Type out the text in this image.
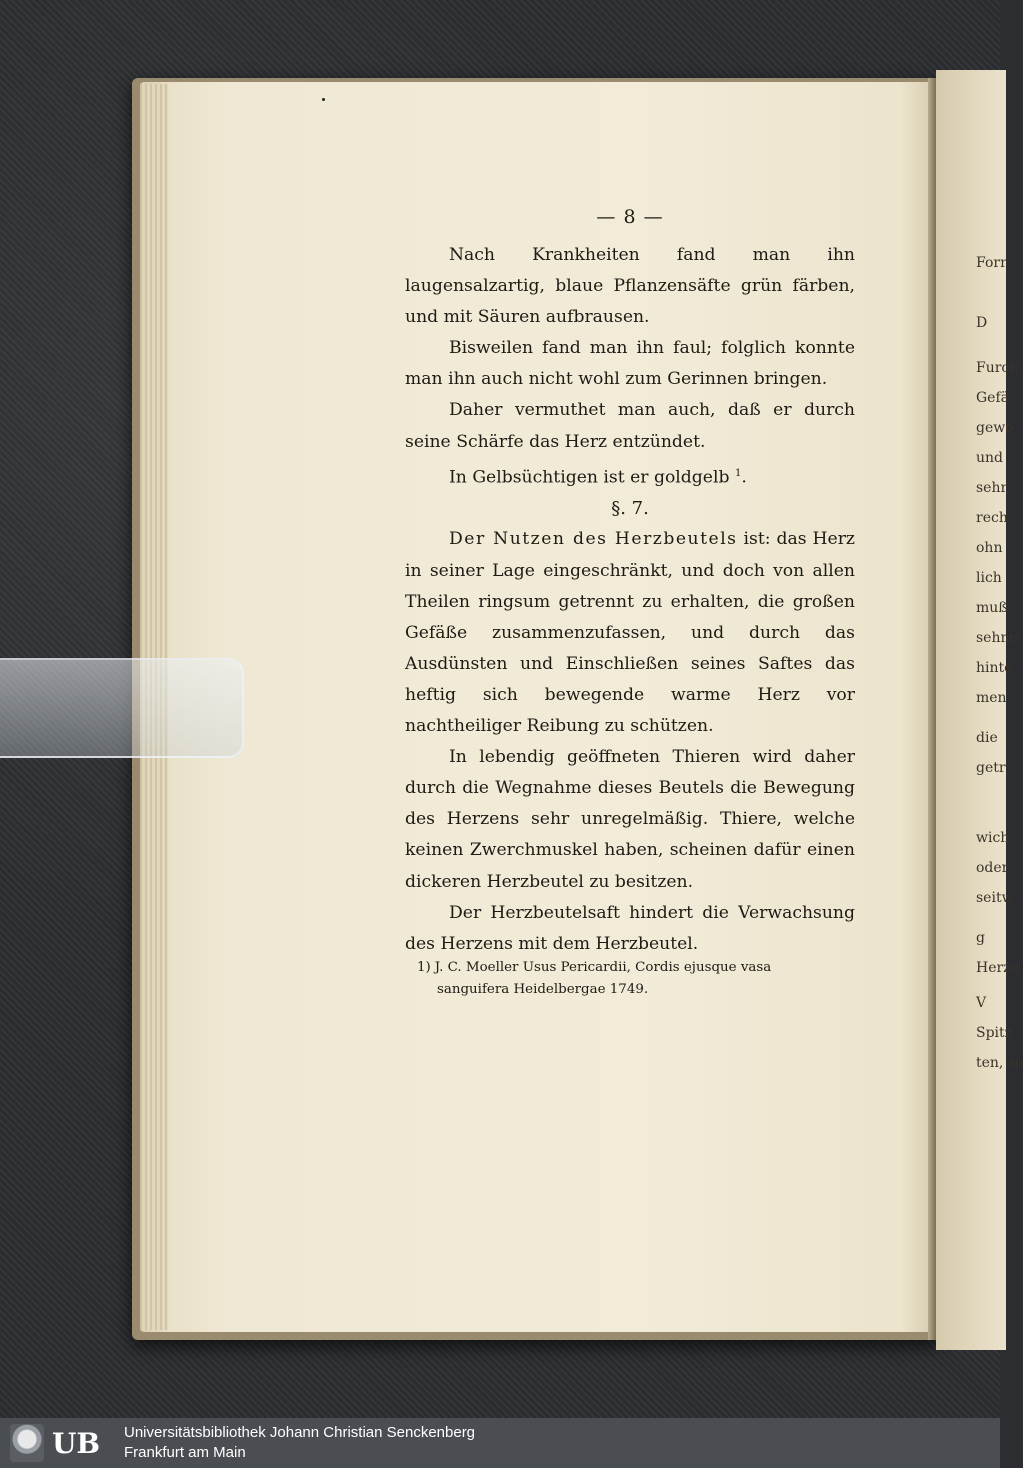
Forr
D
Furch
Gefä
gewö
und
sehr
rech
ohn
lich
muß
sehne
hinte
men
die
getr
wich
oder
seitw
g
Herze
V
Spitz
ten, so

— 8 —

Nach Krankheiten fand man ihn laugensalzartig, blaue Pflanzensäfte grün färben, und mit Säuren aufbrausen.

Bisweilen fand man ihn faul; folglich konnte man ihn auch nicht wohl zum Gerinnen bringen.

Daher vermuthet man auch, daß er durch seine Schärfe das Herz entzündet.

In Gelbsüchtigen ist er goldgelb $^1$.

§. 7.

Der Nutzen des Herzbeutels ist: das Herz in seiner Lage eingeschränkt, und doch von allen Theilen ringsum getrennt zu erhalten, die großen Gefäße zusammenzufassen, und durch das Ausdünsten und Einschließen seines Saftes das heftig sich bewegende warme Herz vor nachtheiliger Reibung zu schützen.

In lebendig geöffneten Thieren wird daher durch die Wegnahme dieses Beutels die Bewegung des Herzens sehr unregelmäßig. Thiere, welche keinen Zwerchmuskel haben, scheinen dafür einen dickeren Herzbeutel zu besitzen.

Der Herzbeutelsaft hindert die Verwachsung des Herzens mit dem Herzbeutel.

1) J. C. Moeller Usus Pericardii, Cordis ejusque vasa
sanguifera Heidelbergae 1749.
UB Universitätsbibliothek Johann Christian Senckenberg
Frankfurt am Main
